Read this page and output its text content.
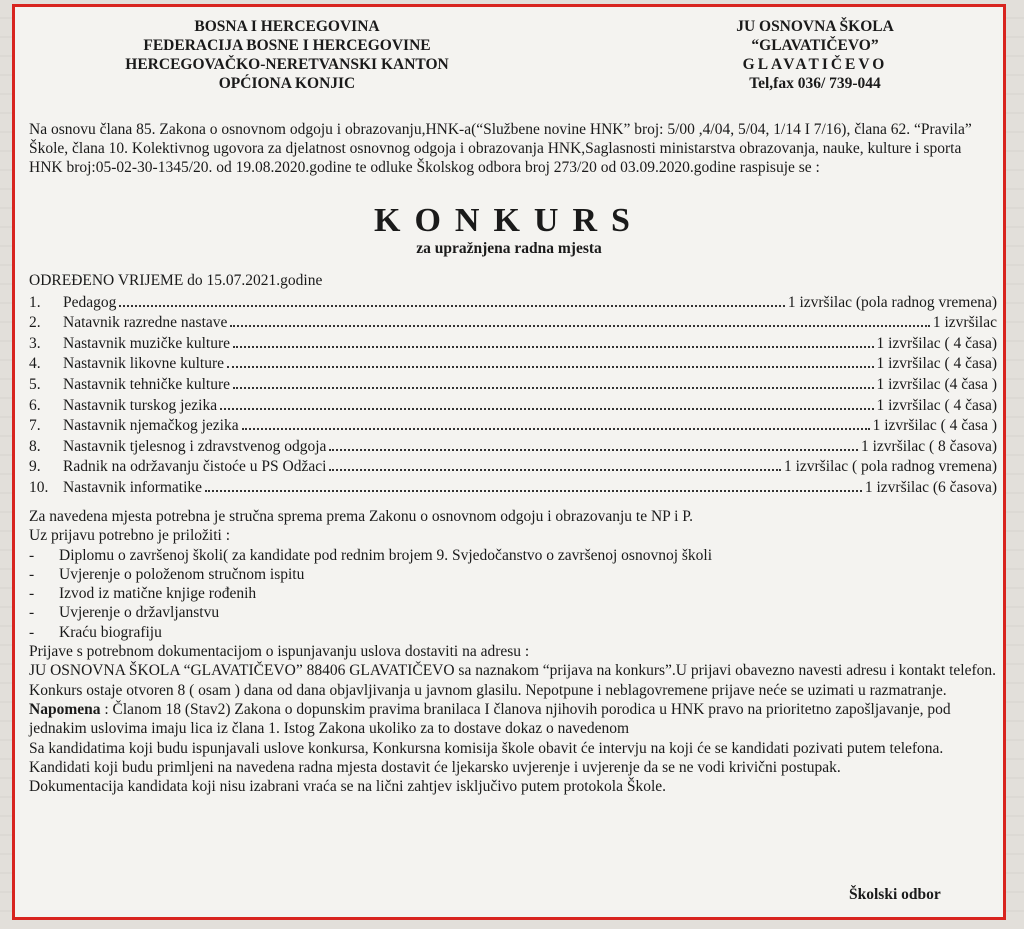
BOSNA I HERCEGOVINA
FEDERACIJA BOSNE I HERCEGOVINE
HERCEGOVAČKO-NERETVANSKI KANTON
OPĆIONA KONJIC
JU OSNOVNA ŠKOLA
“GLAVATIČEVO”
GLAVATIČEVO
Tel,fax 036/ 739-044
Na osnovu člana 85. Zakona o osnovnom odgoju i obrazovanju,HNK-a(“Službene novine HNK” broj: 5/00 ,4/04, 5/04, 1/14 I 7/16), člana 62. “Pravila” Škole, člana 10. Kolektivnog ugovora za djelatnost osnovnog odgoja i obrazovanja HNK,Saglasnosti ministarstva obrazovanja, nauke, kulture i sporta HNK broj:05-02-30-1345/20. od 19.08.2020.godine te odluke Školskog odbora broj 273/20 od 03.09.2020.godine raspisuje se :
KONKURS
za upražnjena radna mjesta
ODREĐENO VRIJEME do 15.07.2021.godine
1.	Pedagog	1 izvršilac (pola radnog vremena)
2.	Natavnik razredne nastave	1 izvršilac
3.	Nastavnik muzičke kulture	1 izvršilac ( 4 časa)
4.	Nastavnik likovne kulture	1 izvršilac ( 4 časa)
5.	Nastavnik tehničke kulture	1 izvršilac (4 časa )
6.	Nastavnik turskog jezika	1 izvršilac ( 4 časa)
7.	Nastavnik njemačkog jezika	1 izvršilac ( 4 časa )
8.	Nastavnik tjelesnog i zdravstvenog odgoja	1 izvršilac ( 8 časova)
9.	Radnik na održavanju čistoće u PS Odžaci	1 izvršilac ( pola radnog vremena)
10. Nastavnik informatike	1 izvršilac (6 časova)

Za navedena mjesta potrebna je stručna sprema prema Zakonu o osnovnom odgoju i obrazovanju te NP i P.

Uz prijavu potrebno je priložiti :

-	Diplomu o završenoj školi( za kandidate pod rednim brojem 9. Svjedočanstvo o završenoj osnovnoj školi
-	Uvjerenje o položenom stručnom ispitu
-	Izvod iz matične knjige rođenih
-	Uvjerenje o državljanstvu
-	Kraću biografiju

Prijave s potrebnom dokumentacijom o ispunjavanju uslova dostaviti na adresu :

JU OSNOVNA ŠKOLA “GLAVATIČEVO” 88406 GLAVATIČEVO sa naznakom “prijava na konkurs”.U prijavi obavezno navesti adresu i kontakt telefon.

Konkurs ostaje otvoren 8 ( osam ) dana od dana objavljivanja u javnom glasilu. Nepotpune i neblagovremene prijave neće se uzimati u razmatranje.

Napomena : Članom 18 (Stav2) Zakona o dopunskim pravima branilaca I članova njihovih porodica u HNK pravo na prioritetno zapošljavanje, pod jednakim uslovima imaju lica iz člana 1. Istog Zakona ukoliko za to dostave dokaz o navedenom

Sa kandidatima koji budu ispunjavali uslove konkursa, Konkursna komisija škole obavit će intervju na koji će se kandidati pozivati putem telefona.

Kandidati koji budu primljeni na navedena radna mjesta dostavit će ljekarsko uvjerenje i uvjerenje da se ne vodi krivični postupak.

Dokumentacija kandidata koji nisu izabrani vraća se na lični zahtjev isključivo putem protokola Škole.

Školski odbor
